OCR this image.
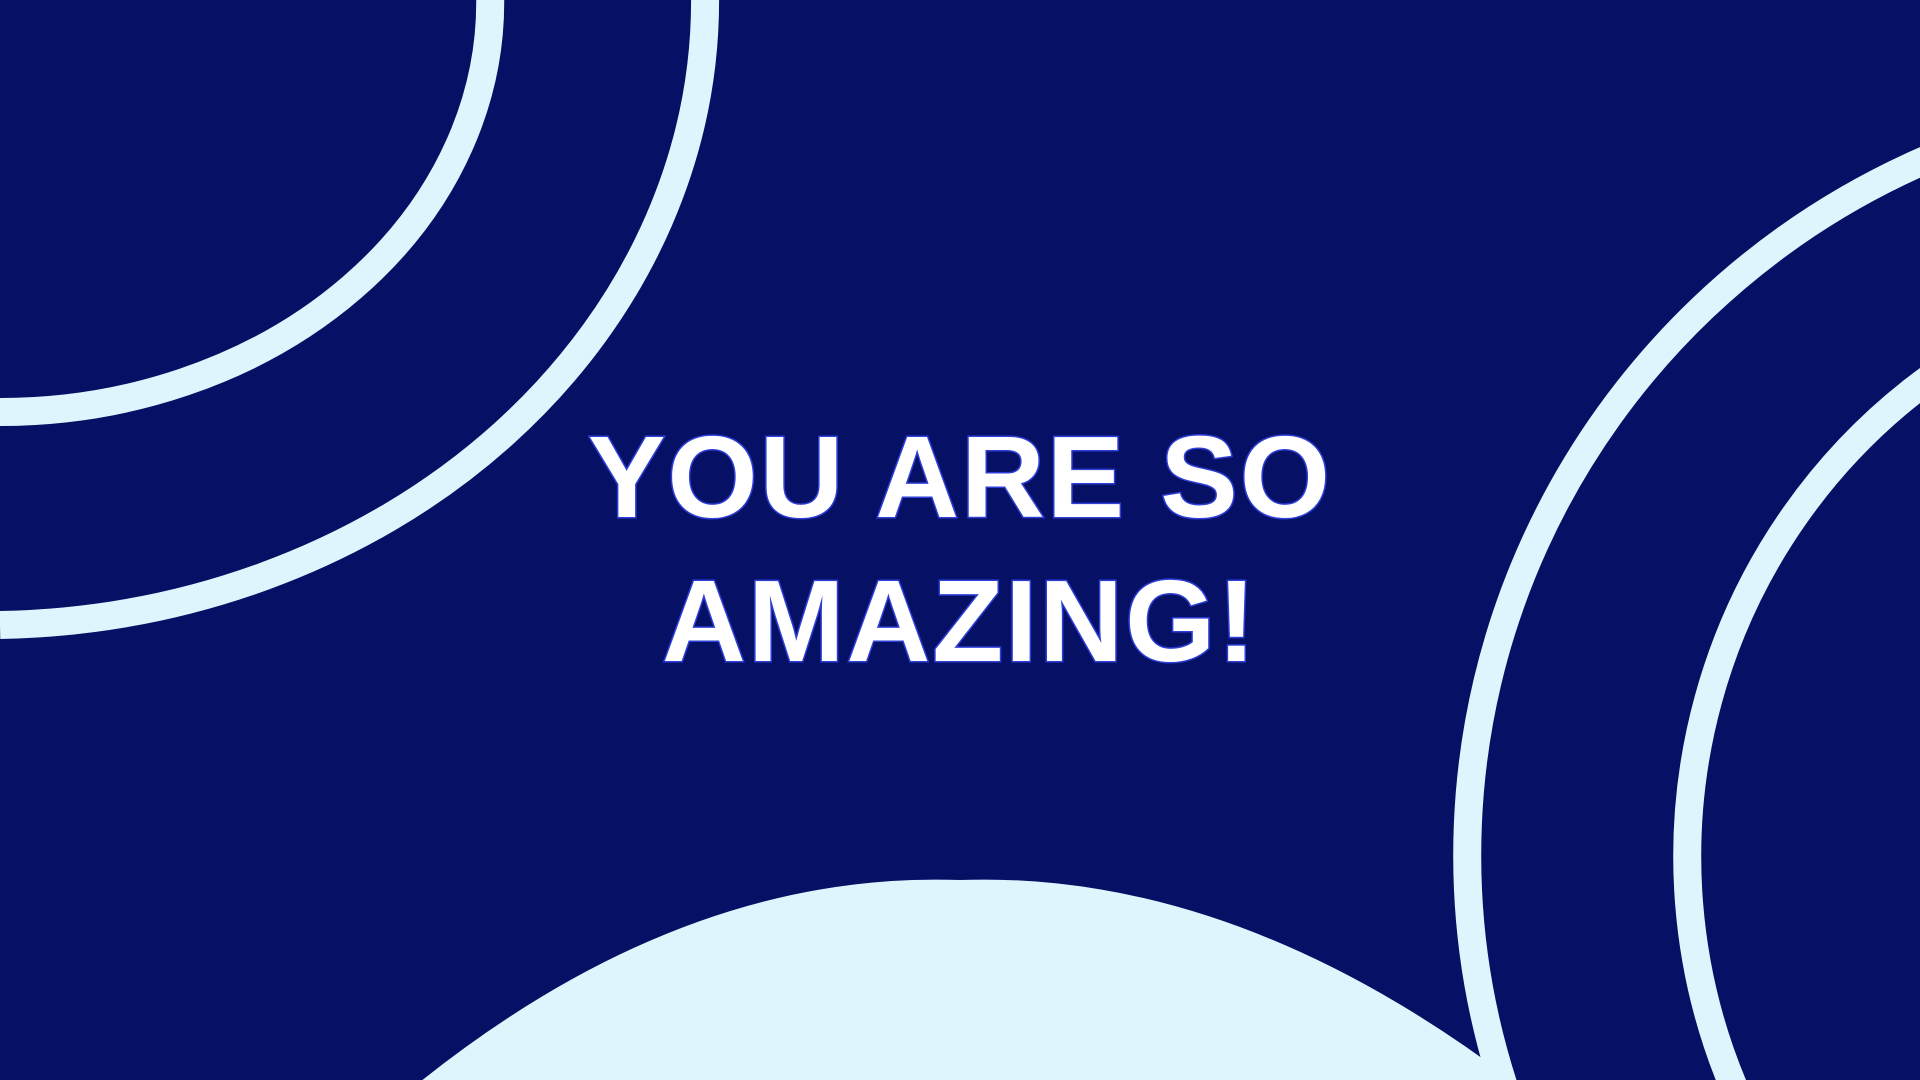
YOU ARE SO
AMAZING!
